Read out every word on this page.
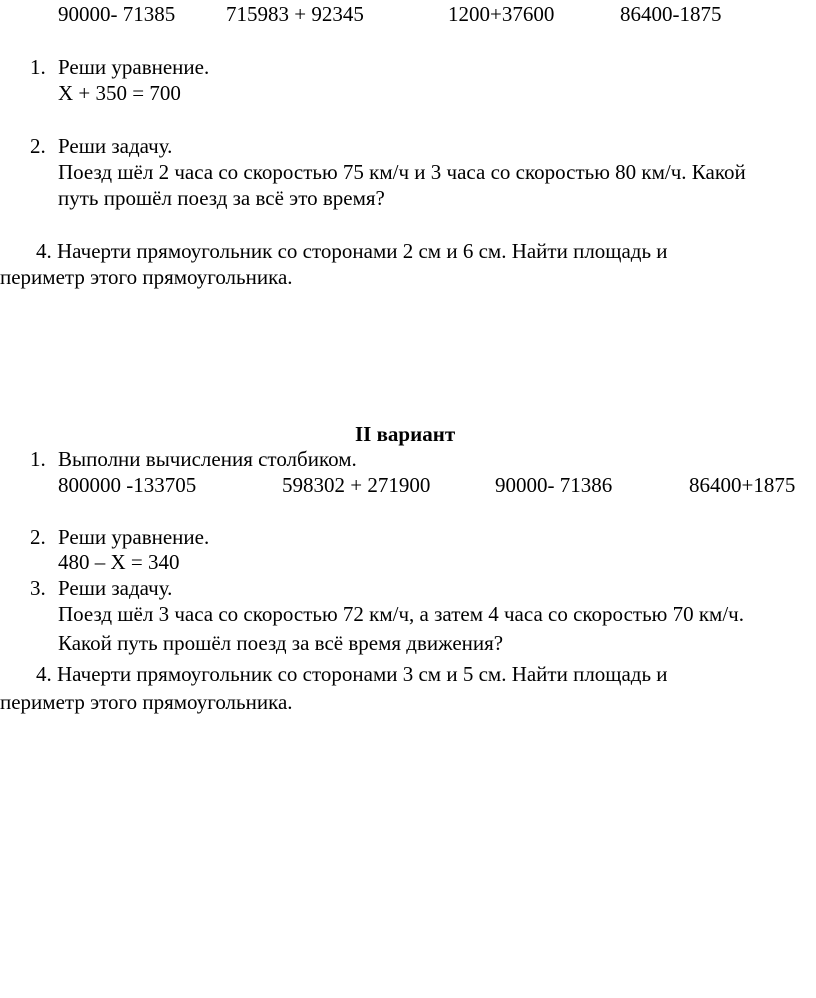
90000- 71385 715983 + 92345	1200+37600	86400-1875
1. Реши уравнение.
Х + 350 = 700
2. Реши задачу.
Поезд шёл 2 часа со скоростью 75 км/ч и 3 часа со скоростью 80 км/ч. Какой
путь прошёл поезд за всё это время?
4. Начерти прямоугольник со сторонами 2 см и 6 см. Найти площадь и
периметр этого прямоугольника.
II вариант
1. Выполни вычисления столбиком.
800000 -133705	598302 + 271900	90000- 71386	86400+1875
2. Реши уравнение.
480 – Х = 340
3. Реши задачу.
Поезд шёл 3 часа со скоростью 72 км/ч, а затем 4 часа со скоростью 70 км/ч.
Какой путь прошёл поезд за всё время движения?
4. Начерти прямоугольник со сторонами 3 см и 5 см. Найти площадь и
периметр этого прямоугольника.
